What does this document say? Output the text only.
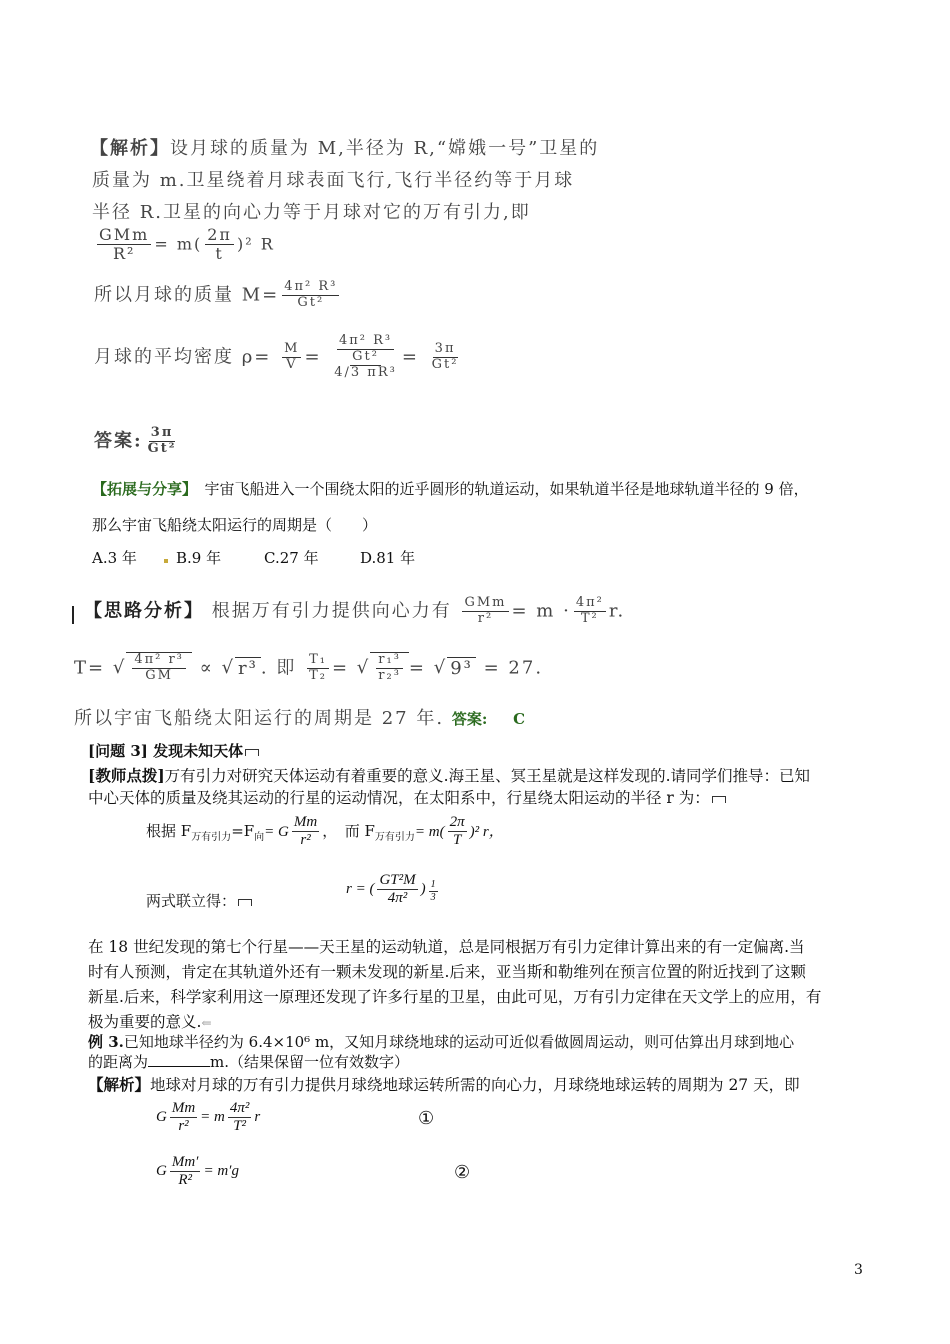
【解析】设月球的质量为 M,半径为 R,“嫦娥一号”卫星的
质量为 m.卫星绕着月球表面飞行,飞行半径约等于月球
半径 R.卫星的向心力等于月球对它的万有引力,即
$\frac{\text{GMm}}{\text{R²}} = m( \frac{2\pi}{t} )^2$ R
所以月球的质量 $M= \frac{\text{4π² R³}}{\text{Gt²}}$
月球的平均密度 $\rho= \frac{M}{V}$ =
4π² R³
Gt²
4/3 πR³
= $\frac{3\pi}{\text{Gt²}}$
答案: $\frac{3\pi}{\text{Gt²}}$
【拓展与分享】　 宇宙飞船进入一个围绕太阳的近乎圆形的轨道运动，如果轨道半径是地球轨道半径的 9 倍，
那么宇宙飞船绕太阳运行的周期是（　　）
A.3 年	B.9 年	C.27 年	D.81 年
【思路分析】 根据万有引力提供向心力有 $\frac{\text{GMm}}{\text{r²}} = m \cdot \frac{\text{4π²}}{\text{T²}} r$.
T= √ $\frac{\text{4π² r³}}{GM}$ ∝ √ r³ . 即 $\frac{\text{T₁}}{\text{T₂}}$ = √ $\frac{\text{r₁³}}{\text{r₂³}}$ = √ 9³ = 27.
所以宇宙飞船绕太阳运行的周期是 27 年. 答案: C
[问题 3] 发现未知天体
[教师点拨]万有引力对研究天体运动有着重要的意义.海王星、冥王星就是这样发现的.请同学们推导：已知
中心天体的质量及绕其运动的行星的运动情况，在太阳系中，行星绕太阳运动的半径 r 为：
根据 $F_{万有引力}=F_向= G \frac{Mm}{\text{r²}}$ ，　而 $F_{万有引力}= m( \frac{2\pi}{T} )^2$ r，
两式联立得：
r = ( $\frac{\text{GT²M}}{\text{4π²}}$ ) $\frac{1}{3}$
在 18 世纪发现的第七个行星——天王星的运动轨道，总是同根据万有引力定律计算出来的有一定偏离.当
时有人预测，肯定在其轨道外还有一颗未发现的新星.后来，亚当斯和勒维列在预言位置的附近找到了这颗
新星.后来，科学家利用这一原理还发现了许多行星的卫星，由此可见，万有引力定律在天文学上的应用，有
极为重要的意义.⇐
例 3.已知地球半径约为 6.4×10⁶ m，又知月球绕地球的运动可近似看做圆周运动，则可估算出月球到地心
的距离为	m.（结果保留一位有效数字）
【解析】地球对月球的万有引力提供月球绕地球运转所需的向心力，月球绕地球运转的周期为 27 天，即
G $\frac{Mm}{\text{r²}} = m \frac{\text{4π²}}{\text{T²}}$ r	①
G $\frac{Mm'}{\text{R²}} = m'g$	②
3
